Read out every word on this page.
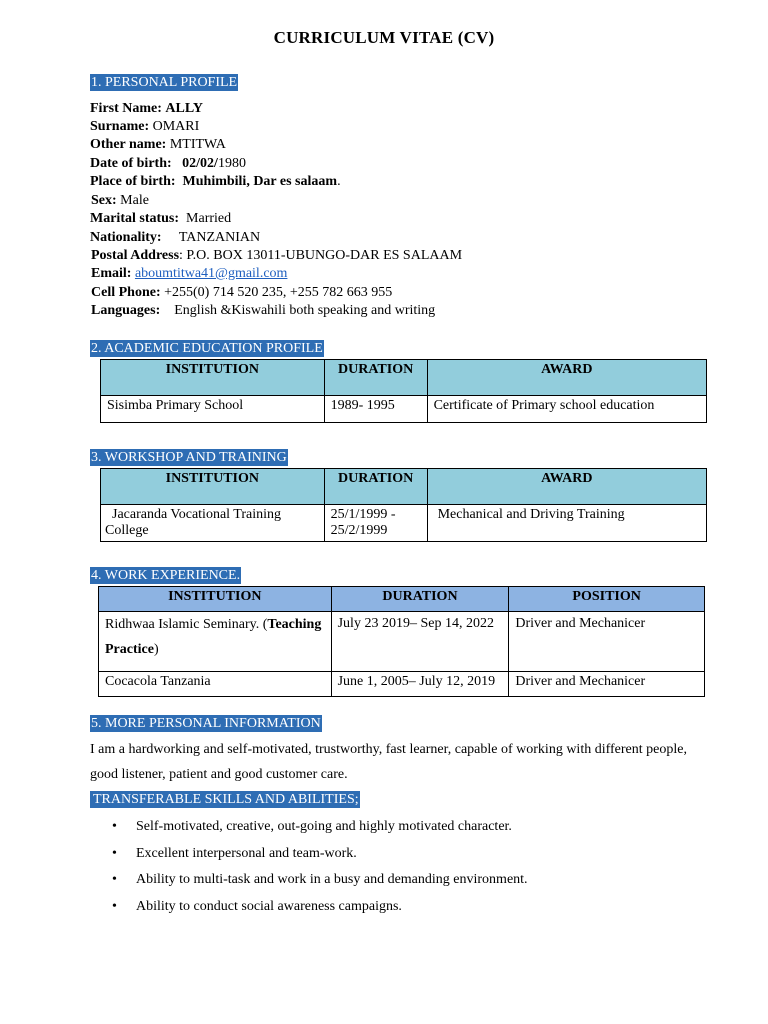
CURRICULUM VITAE (CV)
1. PERSONAL PROFILE
First Name: ALLY
Surname: OMARI
Other name: MTITWA
Date of birth: 02/02/1980
Place of birth: Muhimbili, Dar es salaam.
Sex: Male
Marital status: Married
Nationality: TANZANIAN
Postal Address: P.O. BOX 13011-UBUNGO-DAR ES SALAAM
Email: aboumtitwa41@gmail.com
Cell Phone: +255(0) 714 520 235, +255 782 663 955
Languages: English &Kiswahili both speaking and writing
2. ACADEMIC EDUCATION PROFILE
INSTITUTION	DURATION	AWARD
Sisimba Primary School	1989- 1995	Certificate of Primary school education
3. WORKSHOP AND TRAINING
INSTITUTION	DURATION	AWARD
Jacaranda Vocational Training College	25/1/1999 - 25/2/1999	Mechanical and Driving Training
4. WORK EXPERIENCE.
INSTITUTION	DURATION	POSITION
Ridhwaa Islamic Seminary. (Teaching Practice)	July 23 2019– Sep 14, 2022	Driver and Mechanicer
Cocacola Tanzania	June 1, 2005– July 12, 2019	Driver and Mechanicer
5. MORE PERSONAL INFORMATION
I am a hardworking and self-motivated, trustworthy, fast learner, capable of working with different people, good listener, patient and good customer care.
TRANSFERABLE SKILLS AND ABILITIES;
• Self-motivated, creative, out-going and highly motivated character.
• Excellent interpersonal and team-work.
• Ability to multi-task and work in a busy and demanding environment.
• Ability to conduct social awareness campaigns.
